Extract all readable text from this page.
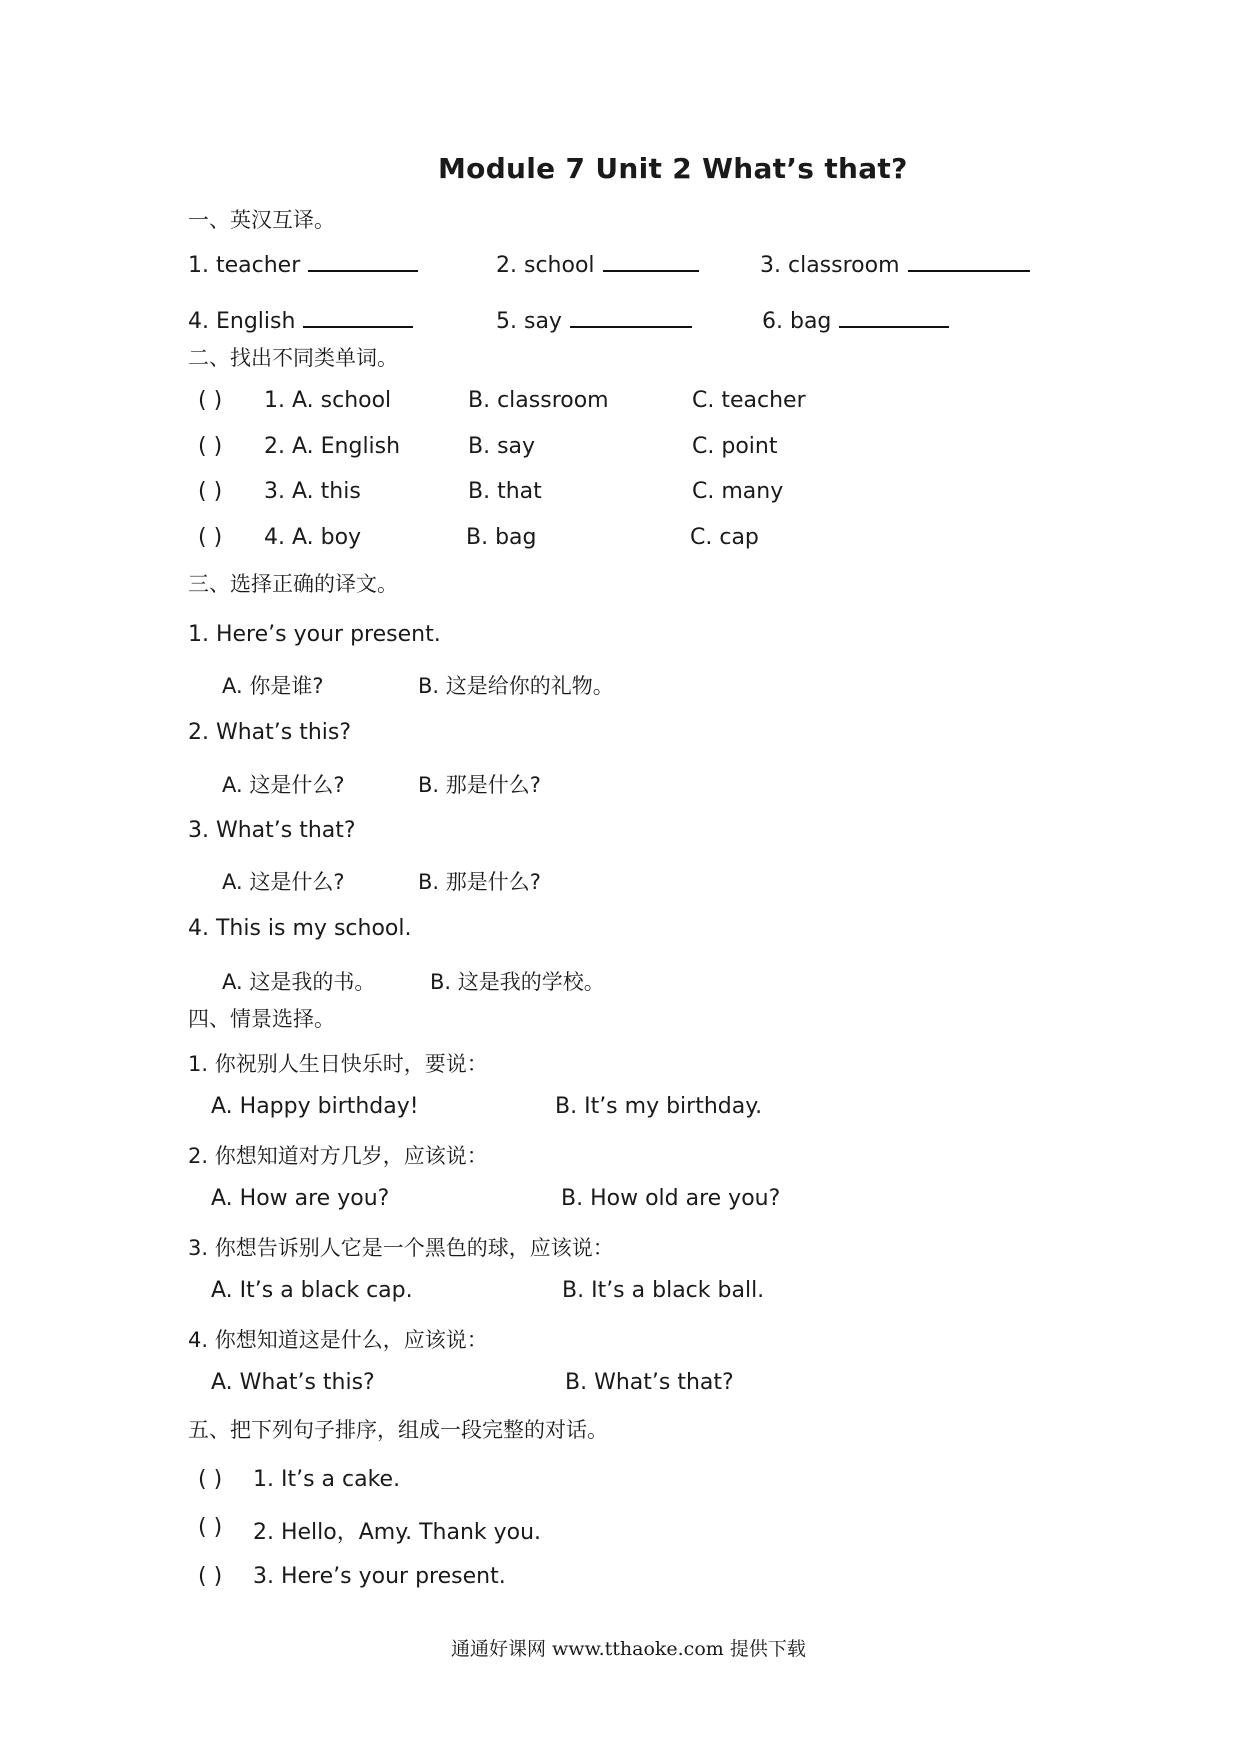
Module 7 Unit 2 What’s that?
一、英汉互译。
1. teacher	2. school	3. classroom
4. English	5. say	6. bag
二、找出不同类单词。
( ) 1. A. school	B. classroom	C. teacher
( ) 2. A. English	B. say	C. point
( ) 3. A. this	B. that	C. many
( ) 4. A. boy	B. bag	C. cap
三、选择正确的译文。
1. Here’s your present.
A. 你是谁?	B. 这是给你的礼物。
2. What’s this?
A. 这是什么?	B. 那是什么?
3. What’s that?
A. 这是什么?	B. 那是什么?
4. This is my school.
A. 这是我的书。	B. 这是我的学校。
四、情景选择。
1. 你祝别人生日快乐时，要说：
A. Happy birthday!	B. It’s my birthday.
2. 你想知道对方几岁，应该说：
A. How are you?	B. How old are you?
3. 你想告诉别人它是一个黑色的球，应该说：
A. It’s a black cap.	B. It’s a black ball.
4. 你想知道这是什么，应该说：
A. What’s this?	B. What’s that?
五、把下列句子排序，组成一段完整的对话。
( ) 1. It’s a cake.
( ) 2. Hello，Amy. Thank you.
( ) 3. Here’s your present.
通通好课网 www.tthaoke.com 提供下载
